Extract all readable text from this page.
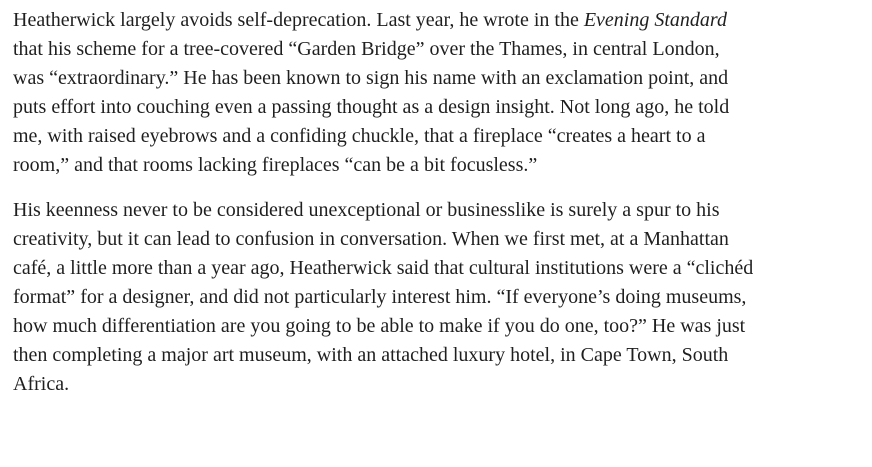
Heatherwick largely avoids self-deprecation. Last year, he wrote in the Evening Standard
that his scheme for a tree-covered “Garden Bridge” over the Thames, in central London,
was “extraordinary.” He has been known to sign his name with an exclamation point, and
puts effort into couching even a passing thought as a design insight. Not long ago, he told
me, with raised eyebrows and a confiding chuckle, that a fireplace “creates a heart to a
room,” and that rooms lacking fireplaces “can be a bit focusless.”

His keenness never to be considered unexceptional or businesslike is surely a spur to his
creativity, but it can lead to confusion in conversation. When we first met, at a Manhattan
café, a little more than a year ago, Heatherwick said that cultural institutions were a “clichéd
format” for a designer, and did not particularly interest him. “If everyone’s doing museums,
how much differentiation are you going to be able to make if you do one, too?” He was just
then completing a major art museum, with an attached luxury hotel, in Cape Town, South
Africa.
